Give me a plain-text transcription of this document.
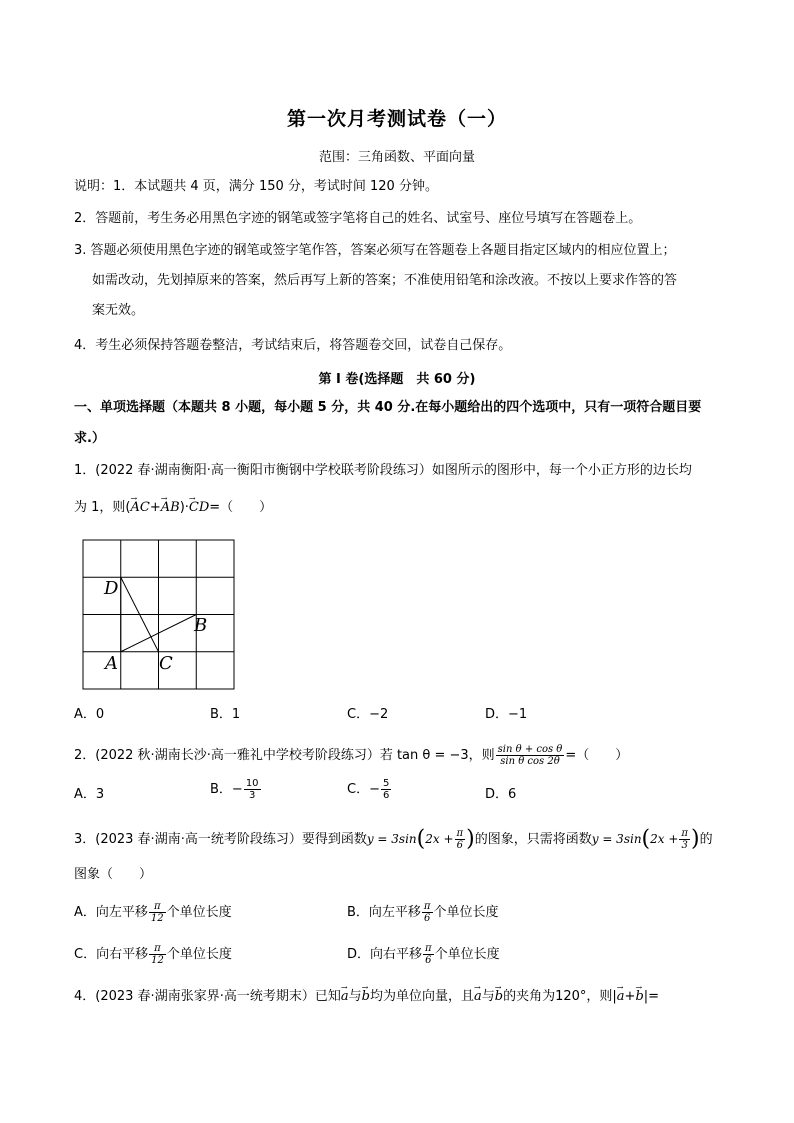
第一次月考测试卷（一）
范围：三角函数、平面向量
说明：1．本试题共 4 页，满分 150 分，考试时间 120 分钟。
2．答题前，考生务必用黑色字迹的钢笔或签字笔将自己的姓名、试室号、座位号填写在答题卷上。
3. 答题必须使用黑色字迹的钢笔或签字笔作答，答案必须写在答题卷上各题目指定区域内的相应位置上；
如需改动，先划掉原来的答案，然后再写上新的答案；不准使用铅笔和涂改液。不按以上要求作答的答
案无效。
4．考生必须保持答题卷整洁，考试结束后，将答题卷交回，试卷自己保存。
第 I 卷(选择题　共 60 分)
一、单项选择题（本题共 8 小题，每小题 5 分，共 40 分.在每小题给出的四个选项中，只有一项符合题目要
求.）
1．(2022 春·湖南衡阳·高一衡阳市衡钢中学校联考阶段练习）如图所示的图形中，每一个小正方形的边长均
为 1，则(→ AC+→ AB)·→ CD=（　　）
D
B
A C
A．0	B．1	C．−2	D．−1
2．(2022 秋·湖南长沙·高一雅礼中学校考阶段练习）若 tan θ = −3，则 $\frac{\text{sin θ + cos θ}}{\text{sin θ cos 2θ}}$ =（　　）
A．3	B．− $\frac{10}{3}$	C．− $\frac{5}{6}$	D．6
3．(2023 春·湖南·高一统考阶段练习）要得到函数$y = 3\sin(2x + \frac{\pi}{6}$ )的图象，只需将函数$y = 3\sin(2x + \frac{\pi}{3}$ )的
图象（　　）
A．向左平移 $\frac{\pi}{12}$ 个单位长度	B．向左平移 $\frac{\pi}{6}$ 个单位长度
C．向右平移 $\frac{\pi}{12}$ 个单位长度	D．向右平移 $\frac{\pi}{6}$ 个单位长度
4．(2023 春·湖南张家界·高一统考期末）已知→ a与→ b均为单位向量，且→ a与→ b的夹角为120°，则|→ a+→ b|=
